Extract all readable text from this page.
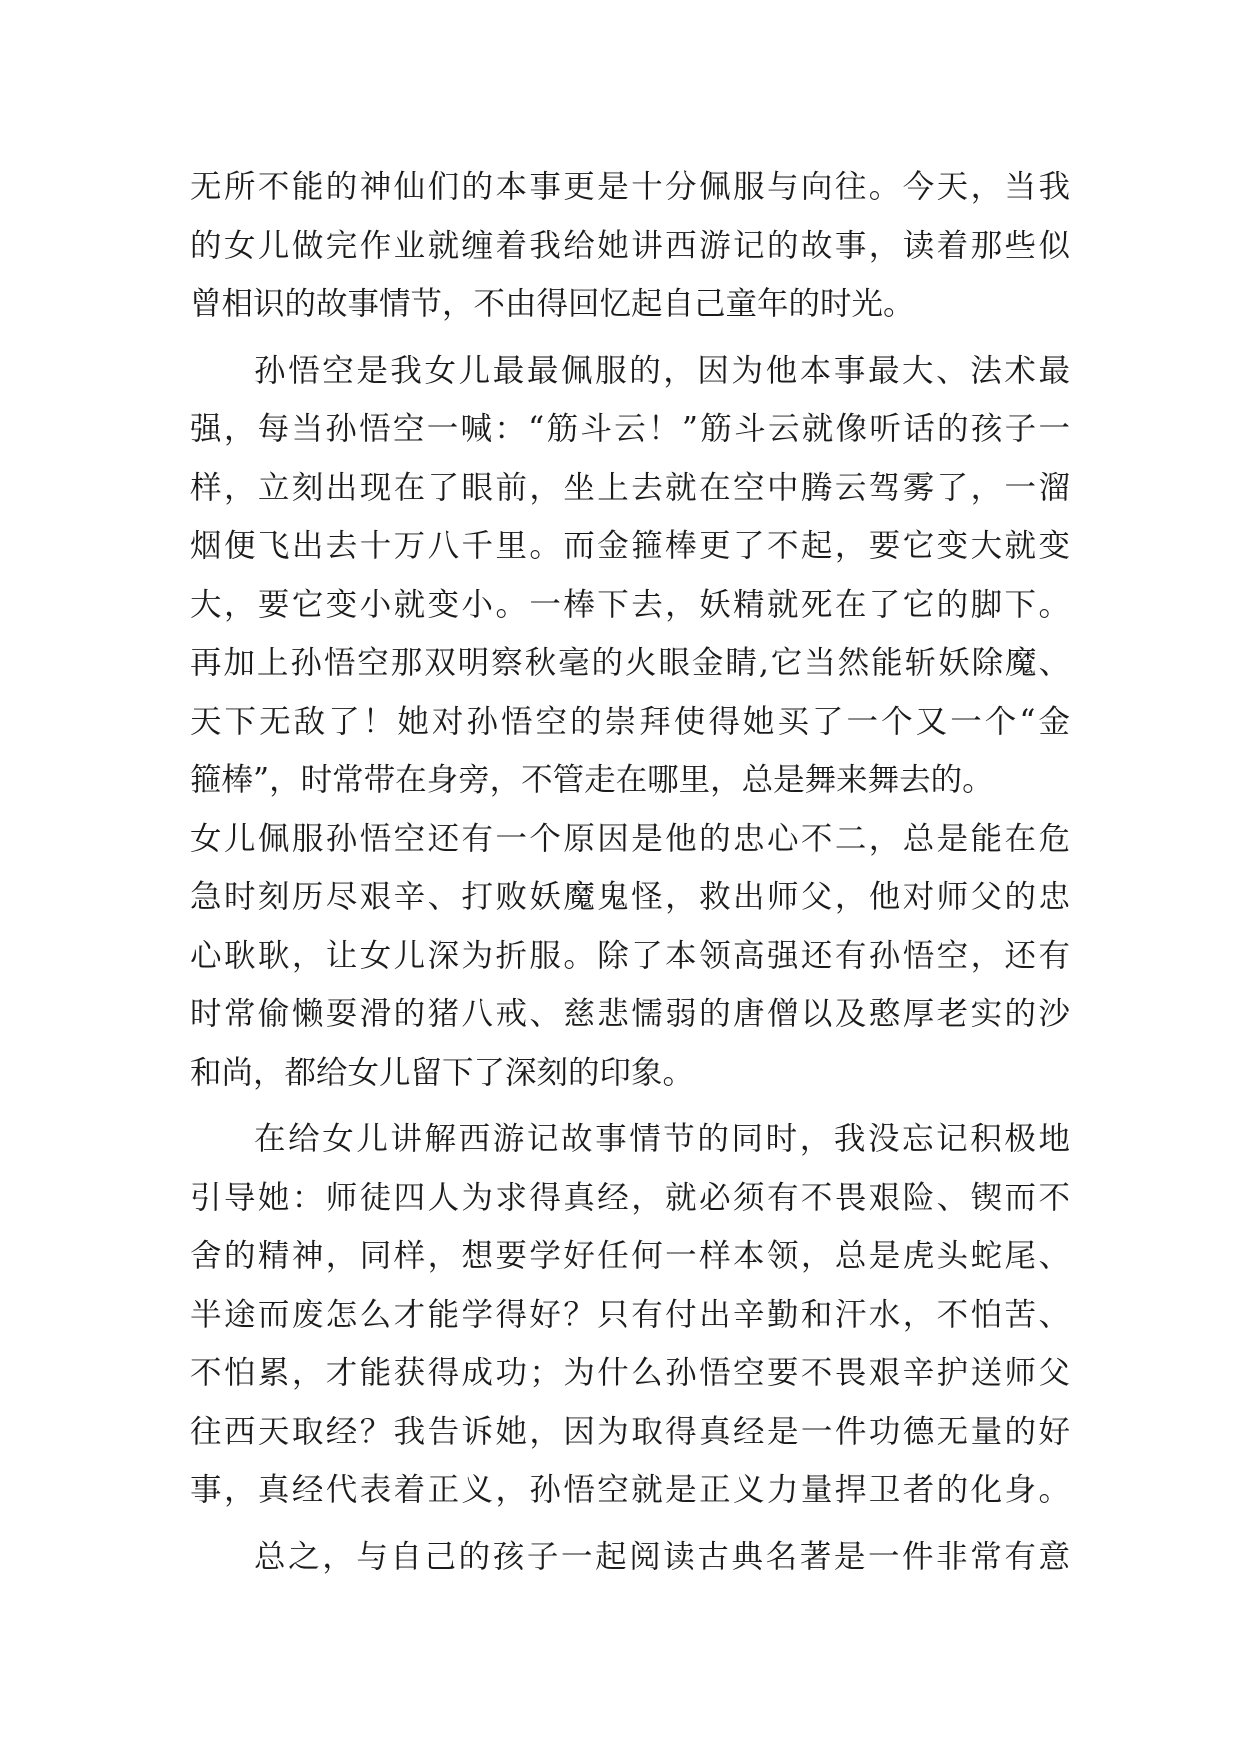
无所不能的神仙们的本事更是十分佩服与向往。今天，当我
的女儿做完作业就缠着我给她讲西游记的故事，读着那些似
曾相识的故事情节，不由得回忆起自己童年的时光。
孙悟空是我女儿最最佩服的，因为他本事最大、法术最
强，每当孙悟空一喊：“筋斗云！”筋斗云就像听话的孩子一
样，立刻出现在了眼前，坐上去就在空中腾云驾雾了，一溜
烟便飞出去十万八千里。而金箍棒更了不起，要它变大就变
大，要它变小就变小。一棒下去，妖精就死在了它的脚下。
再加上孙悟空那双明察秋毫的火眼金睛,它当然能斩妖除魔、
天下无敌了！她对孙悟空的崇拜使得她买了一个又一个“金
箍棒”，时常带在身旁，不管走在哪里，总是舞来舞去的。
女儿佩服孙悟空还有一个原因是他的忠心不二，总是能在危
急时刻历尽艰辛、打败妖魔鬼怪，救出师父，他对师父的忠
心耿耿，让女儿深为折服。除了本领高强还有孙悟空，还有
时常偷懒耍滑的猪八戒、慈悲懦弱的唐僧以及憨厚老实的沙
和尚，都给女儿留下了深刻的印象。
在给女儿讲解西游记故事情节的同时，我没忘记积极地
引导她：师徒四人为求得真经，就必须有不畏艰险、锲而不
舍的精神，同样，想要学好任何一样本领，总是虎头蛇尾、
半途而废怎么才能学得好？只有付出辛勤和汗水，不怕苦、
不怕累，才能获得成功；为什么孙悟空要不畏艰辛护送师父
往西天取经？我告诉她，因为取得真经是一件功德无量的好
事，真经代表着正义，孙悟空就是正义力量捍卫者的化身。
总之，与自己的孩子一起阅读古典名著是一件非常有意
